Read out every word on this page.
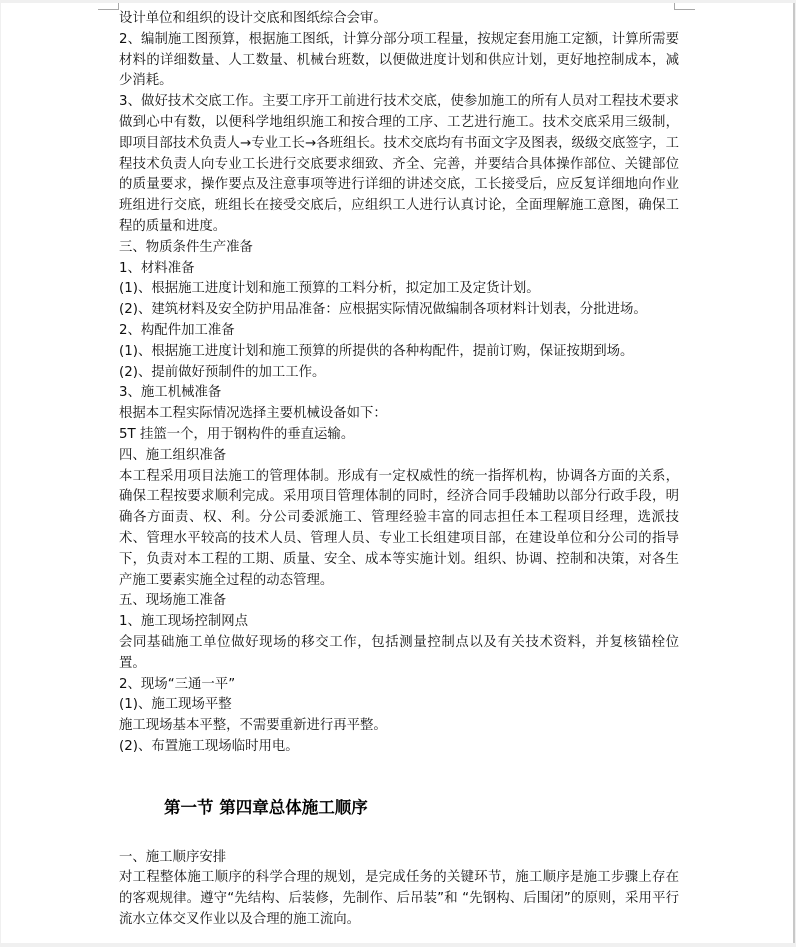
设计单位和组织的设计交底和图纸综合会审。

2、编制施工图预算，根据施工图纸，计算分部分项工程量，按规定套用施工定额，计算所需要材料的详细数量、人工数量、机械台班数，以便做进度计划和供应计划，更好地控制成本，减少消耗。

3、做好技术交底工作。主要工序开工前进行技术交底，使参加施工的所有人员对工程技术要求做到心中有数，以便科学地组织施工和按合理的工序、工艺进行施工。技术交底采用三级制，即项目部技术负责人→专业工长→各班组长。技术交底均有书面文字及图表，级级交底签字，工程技术负责人向专业工长进行交底要求细致、齐全、完善，并要结合具体操作部位、关键部位的质量要求，操作要点及注意事项等进行详细的讲述交底，工长接受后，应反复详细地向作业班组进行交底，班组长在接受交底后，应组织工人进行认真讨论，全面理解施工意图，确保工程的质量和进度。

三、物质条件生产准备

1、材料准备

(1)、根据施工进度计划和施工预算的工料分析，拟定加工及定货计划。

(2)、建筑材料及安全防护用品准备：应根据实际情况做编制各项材料计划表，分批进场。

2、构配件加工准备

(1)、根据施工进度计划和施工预算的所提供的各种构配件，提前订购，保证按期到场。

(2)、提前做好预制件的加工工作。

3、施工机械准备

根据本工程实际情况选择主要机械设备如下：

5T 挂篮一个，用于钢构件的垂直运输。

四、施工组织准备

本工程采用项目法施工的管理体制。形成有一定权威性的统一指挥机构，协调各方面的关系，确保工程按要求顺利完成。采用项目管理体制的同时，经济合同手段辅助以部分行政手段，明确各方面责、权、利。分公司委派施工、管理经验丰富的同志担任本工程项目经理，选派技术、管理水平较高的技术人员、管理人员、专业工长组建项目部，在建设单位和分公司的指导下，负责对本工程的工期、质量、安全、成本等实施计划。组织、协调、控制和决策，对各生产施工要素实施全过程的动态管理。

五、现场施工准备

1、施工现场控制网点

会同基础施工单位做好现场的移交工作，包括测量控制点以及有关技术资料，并复核锚栓位置。

2、现场“三通一平”

(1)、施工现场平整

施工现场基本平整，不需要重新进行再平整。

(2)、布置施工现场临时用电。

第一节 第四章总体施工顺序

一、施工顺序安排

对工程整体施工顺序的科学合理的规划，是完成任务的关键环节，施工顺序是施工步骤上存在的客观规律。遵守“先结构、后装修，先制作、后吊装”和 “先钢构、后围闭”的原则，采用平行流水立体交叉作业以及合理的施工流向。
